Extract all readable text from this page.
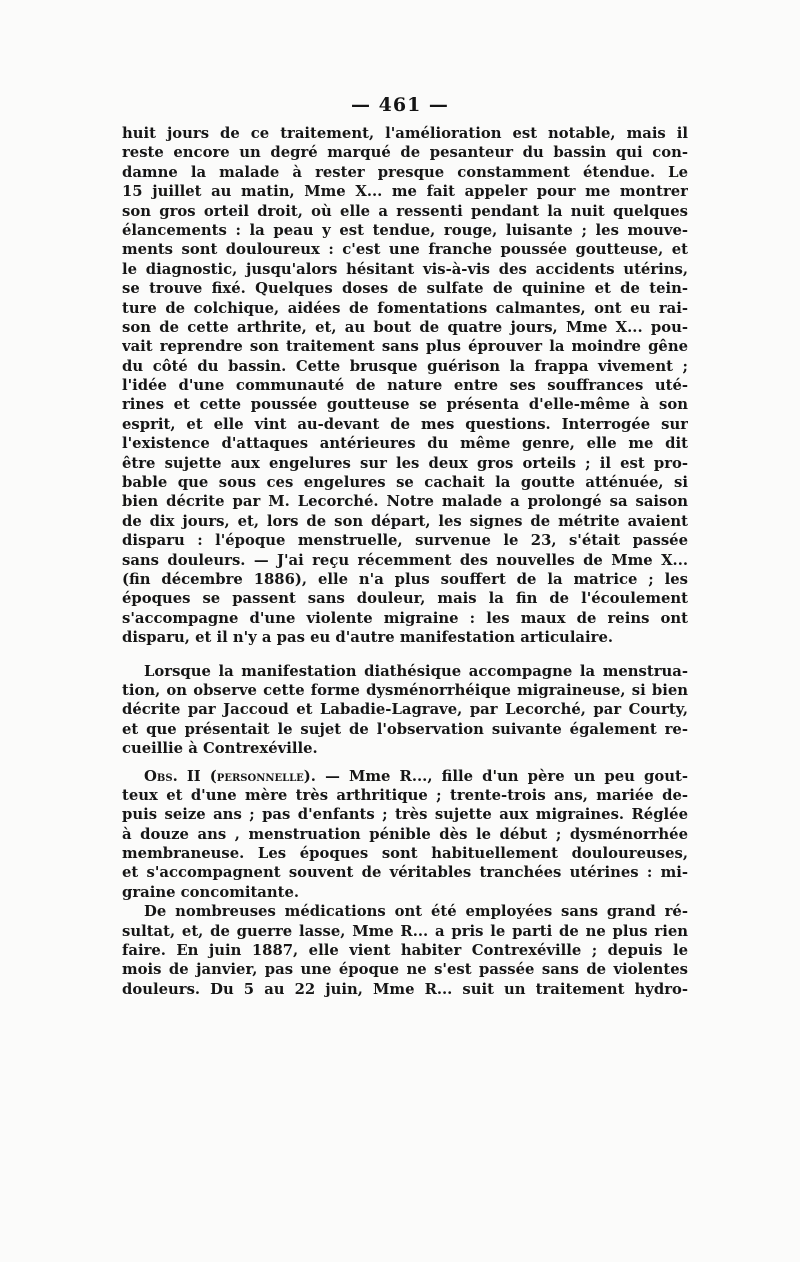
— 461 —
huit jours de ce traitement, l'amélioration est notable, mais il
reste encore un degré marqué de pesanteur du bassin qui con-
damne la malade à rester presque constamment étendue. Le
15 juillet au matin, Mme X... me fait appeler pour me montrer
son gros orteil droit, où elle a ressenti pendant la nuit quelques
élancements : la peau y est tendue, rouge, luisante ; les mouve-
ments sont douloureux : c'est une franche poussée goutteuse, et
le diagnostic, jusqu'alors hésitant vis-à-vis des accidents utérins,
se trouve fixé. Quelques doses de sulfate de quinine et de tein-
ture de colchique, aidées de fomentations calmantes, ont eu rai-
son de cette arthrite, et, au bout de quatre jours, Mme X... pou-
vait reprendre son traitement sans plus éprouver la moindre gêne
du côté du bassin. Cette brusque guérison la frappa vivement ;
l'idée d'une communauté de nature entre ses souffrances uté-
rines et cette poussée goutteuse se présenta d'elle-même à son
esprit, et elle vint au-devant de mes questions. Interrogée sur
l'existence d'attaques antérieures du même genre, elle me dit
être sujette aux engelures sur les deux gros orteils ; il est pro-
bable que sous ces engelures se cachait la goutte atténuée, si
bien décrite par M. Lecorché. Notre malade a prolongé sa saison
de dix jours, et, lors de son départ, les signes de métrite avaient
disparu : l'époque menstruelle, survenue le 23, s'était passée
sans douleurs. — J'ai reçu récemment des nouvelles de Mme X...
(fin décembre 1886), elle n'a plus souffert de la matrice ; les
époques se passent sans douleur, mais la fin de l'écoulement
s'accompagne d'une violente migraine : les maux de reins ont
disparu, et il n'y a pas eu d'autre manifestation articulaire.
Lorsque la manifestation diathésique accompagne la menstrua-
tion, on observe cette forme dysménorrhéique migraineuse, si bien
décrite par Jaccoud et Labadie-Lagrave, par Lecorché, par Courty,
et que présentait le sujet de l'observation suivante également re-
cueillie à Contrexéville.
Obs. II (personnelle). — Mme R..., fille d'un père un peu gout-
teux et d'une mère très arthritique ; trente-trois ans, mariée de-
puis seize ans ; pas d'enfants ; très sujette aux migraines. Réglée
à douze ans , menstruation pénible dès le début ; dysménorrhée
membraneuse. Les époques sont habituellement douloureuses,
et s'accompagnent souvent de véritables tranchées utérines : mi-
graine concomitante.
De nombreuses médications ont été employées sans grand ré-
sultat, et, de guerre lasse, Mme R... a pris le parti de ne plus rien
faire. En juin 1887, elle vient habiter Contrexéville ; depuis le
mois de janvier, pas une époque ne s'est passée sans de violentes
douleurs. Du 5 au 22 juin, Mme R... suit un traitement hydro-
